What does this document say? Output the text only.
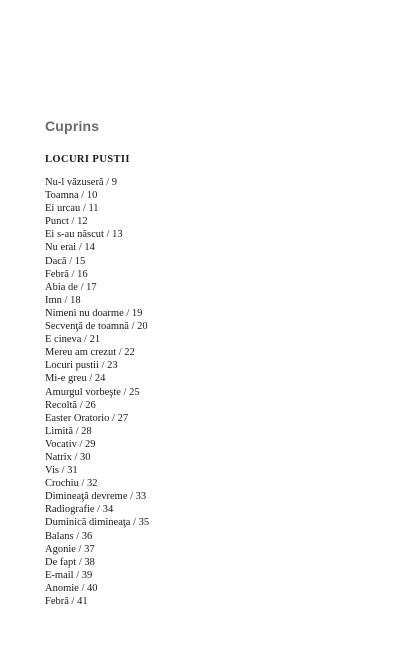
Cuprins
LOCURI PUSTII
Nu-l văzuseră / 9
Toamna / 10
Ei urcau / 11
Punct / 12
Ei s-au născut / 13
Nu erai / 14
Dacă / 15
Febră / 16
Abia de / 17
Imn / 18
Nimeni nu doarme / 19
Secvenţă de toamnă / 20
E cineva / 21
Mereu am crezut / 22
Locuri pustii / 23
Mi-e greu / 24
Amurgul vorbeşte / 25
Recoltă / 26
Easter Oratorio / 27
Limită / 28
Vocativ / 29
Natrix / 30
Vis / 31
Crochiu / 32
Dimineaţă devreme / 33
Radiografie / 34
Duminică dimineaţa / 35
Balans / 36
Agonie / 37
De fapt / 38
E-mail / 39
Anomie / 40
Febră / 41
